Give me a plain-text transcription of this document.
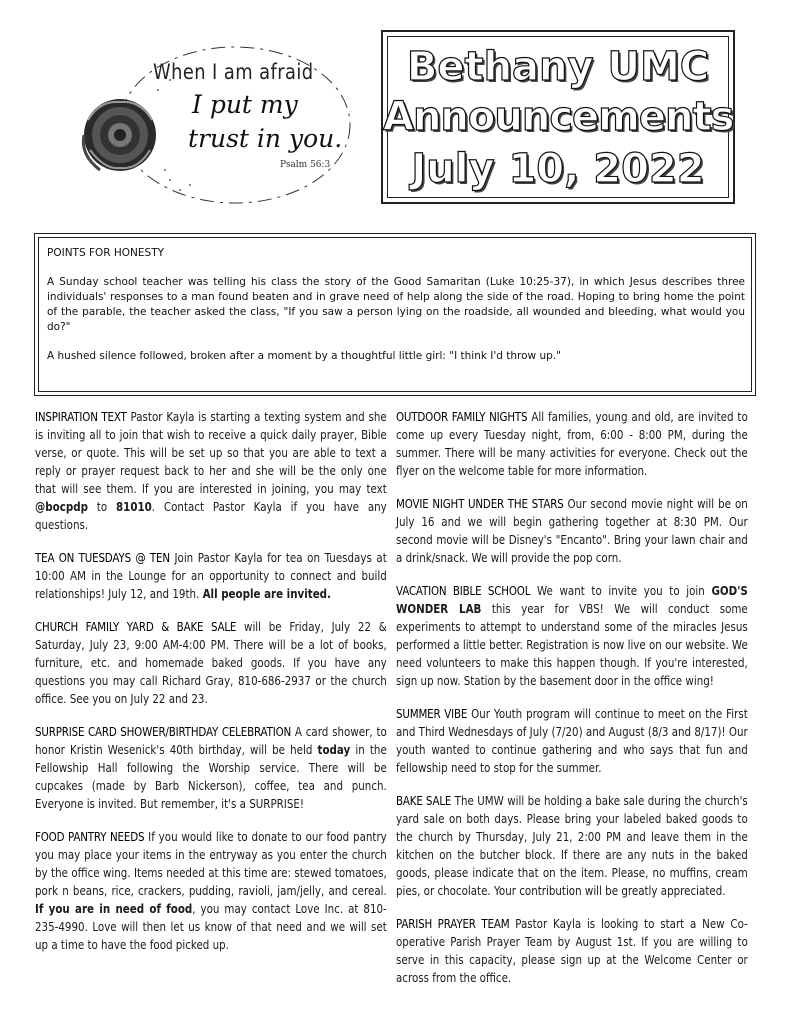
When I am afraid
I put my
trust in you.
Psalm 56:3
Bethany UMC
Announcements
July 10, 2022

POINTS FOR HONESTY

A Sunday school teacher was telling his class the story of the Good Samaritan (Luke 10:25-37), in which Jesus describes three individuals' responses to a man found beaten and in grave need of help along the side of the road. Hoping to bring home the point of the parable, the teacher asked the class, "If you saw a person lying on the roadside, all wounded and bleeding, what would you do?"

A hushed silence followed, broken after a moment by a thoughtful little girl: "I think I'd throw up."

INSPIRATION TEXT Pastor Kayla is starting a texting system and she is inviting all to join that wish to receive a quick daily prayer, Bible verse, or quote. This will be set up so that you are able to text a reply or prayer request back to her and she will be the only one that will see them. If you are interested in joining, you may text @bocpdp to 81010. Contact Pastor Kayla if you have any questions.

TEA ON TUESDAYS @ TEN Join Pastor Kayla for tea on Tuesdays at 10:00 AM in the Lounge for an opportunity to connect and build relationships! July 12, and 19th. All people are invited.

CHURCH FAMILY YARD & BAKE SALE will be Friday, July 22 & Saturday, July 23, 9:00 AM-4:00 PM. There will be a lot of books, furniture, etc. and homemade baked goods. If you have any questions you may call Richard Gray, 810-686-2937 or the church office. See you on July 22 and 23.

SURPRISE CARD SHOWER/BIRTHDAY CELEBRATION A card shower, to honor Kristin Wesenick's 40th birthday, will be held today in the Fellowship Hall following the Worship service. There will be cupcakes (made by Barb Nickerson), coffee, tea and punch. Everyone is invited. But remember, it's a SURPRISE!

FOOD PANTRY NEEDS If you would like to donate to our food pantry you may place your items in the entryway as you enter the church by the office wing. Items needed at this time are: stewed tomatoes, pork n beans, rice, crackers, pudding, ravioli, jam/jelly, and cereal. If you are in need of food, you may contact Love Inc. at 810-235-4990. Love will then let us know of that need and we will set up a time to have the food picked up.

OUTDOOR FAMILY NIGHTS All families, young and old, are invited to come up every Tuesday night, from, 6:00 - 8:00 PM, during the summer. There will be many activities for everyone. Check out the flyer on the welcome table for more information.

MOVIE NIGHT UNDER THE STARS Our second movie night will be on July 16 and we will begin gathering together at 8:30 PM. Our second movie will be Disney's "Encanto". Bring your lawn chair and a drink/snack. We will provide the pop corn.

VACATION BIBLE SCHOOL We want to invite you to join GOD'S WONDER LAB this year for VBS! We will conduct some experiments to attempt to understand some of the miracles Jesus performed a little better. Registration is now live on our website. We need volunteers to make this happen though. If you're interested, sign up now. Station by the basement door in the office wing!

SUMMER VIBE Our Youth program will continue to meet on the First and Third Wednesdays of July (7/20) and August (8/3 and 8/17)! Our youth wanted to continue gathering and who says that fun and fellowship need to stop for the summer.

BAKE SALE The UMW will be holding a bake sale during the church's yard sale on both days. Please bring your labeled baked goods to the church by Thursday, July 21, 2:00 PM and leave them in the kitchen on the butcher block. If there are any nuts in the baked goods, please indicate that on the item. Please, no muffins, cream pies, or chocolate. Your contribution will be greatly appreciated.

PARISH PRAYER TEAM Pastor Kayla is looking to start a New Co-operative Parish Prayer Team by August 1st. If you are willing to serve in this capacity, please sign up at the Welcome Center or across from the office.
